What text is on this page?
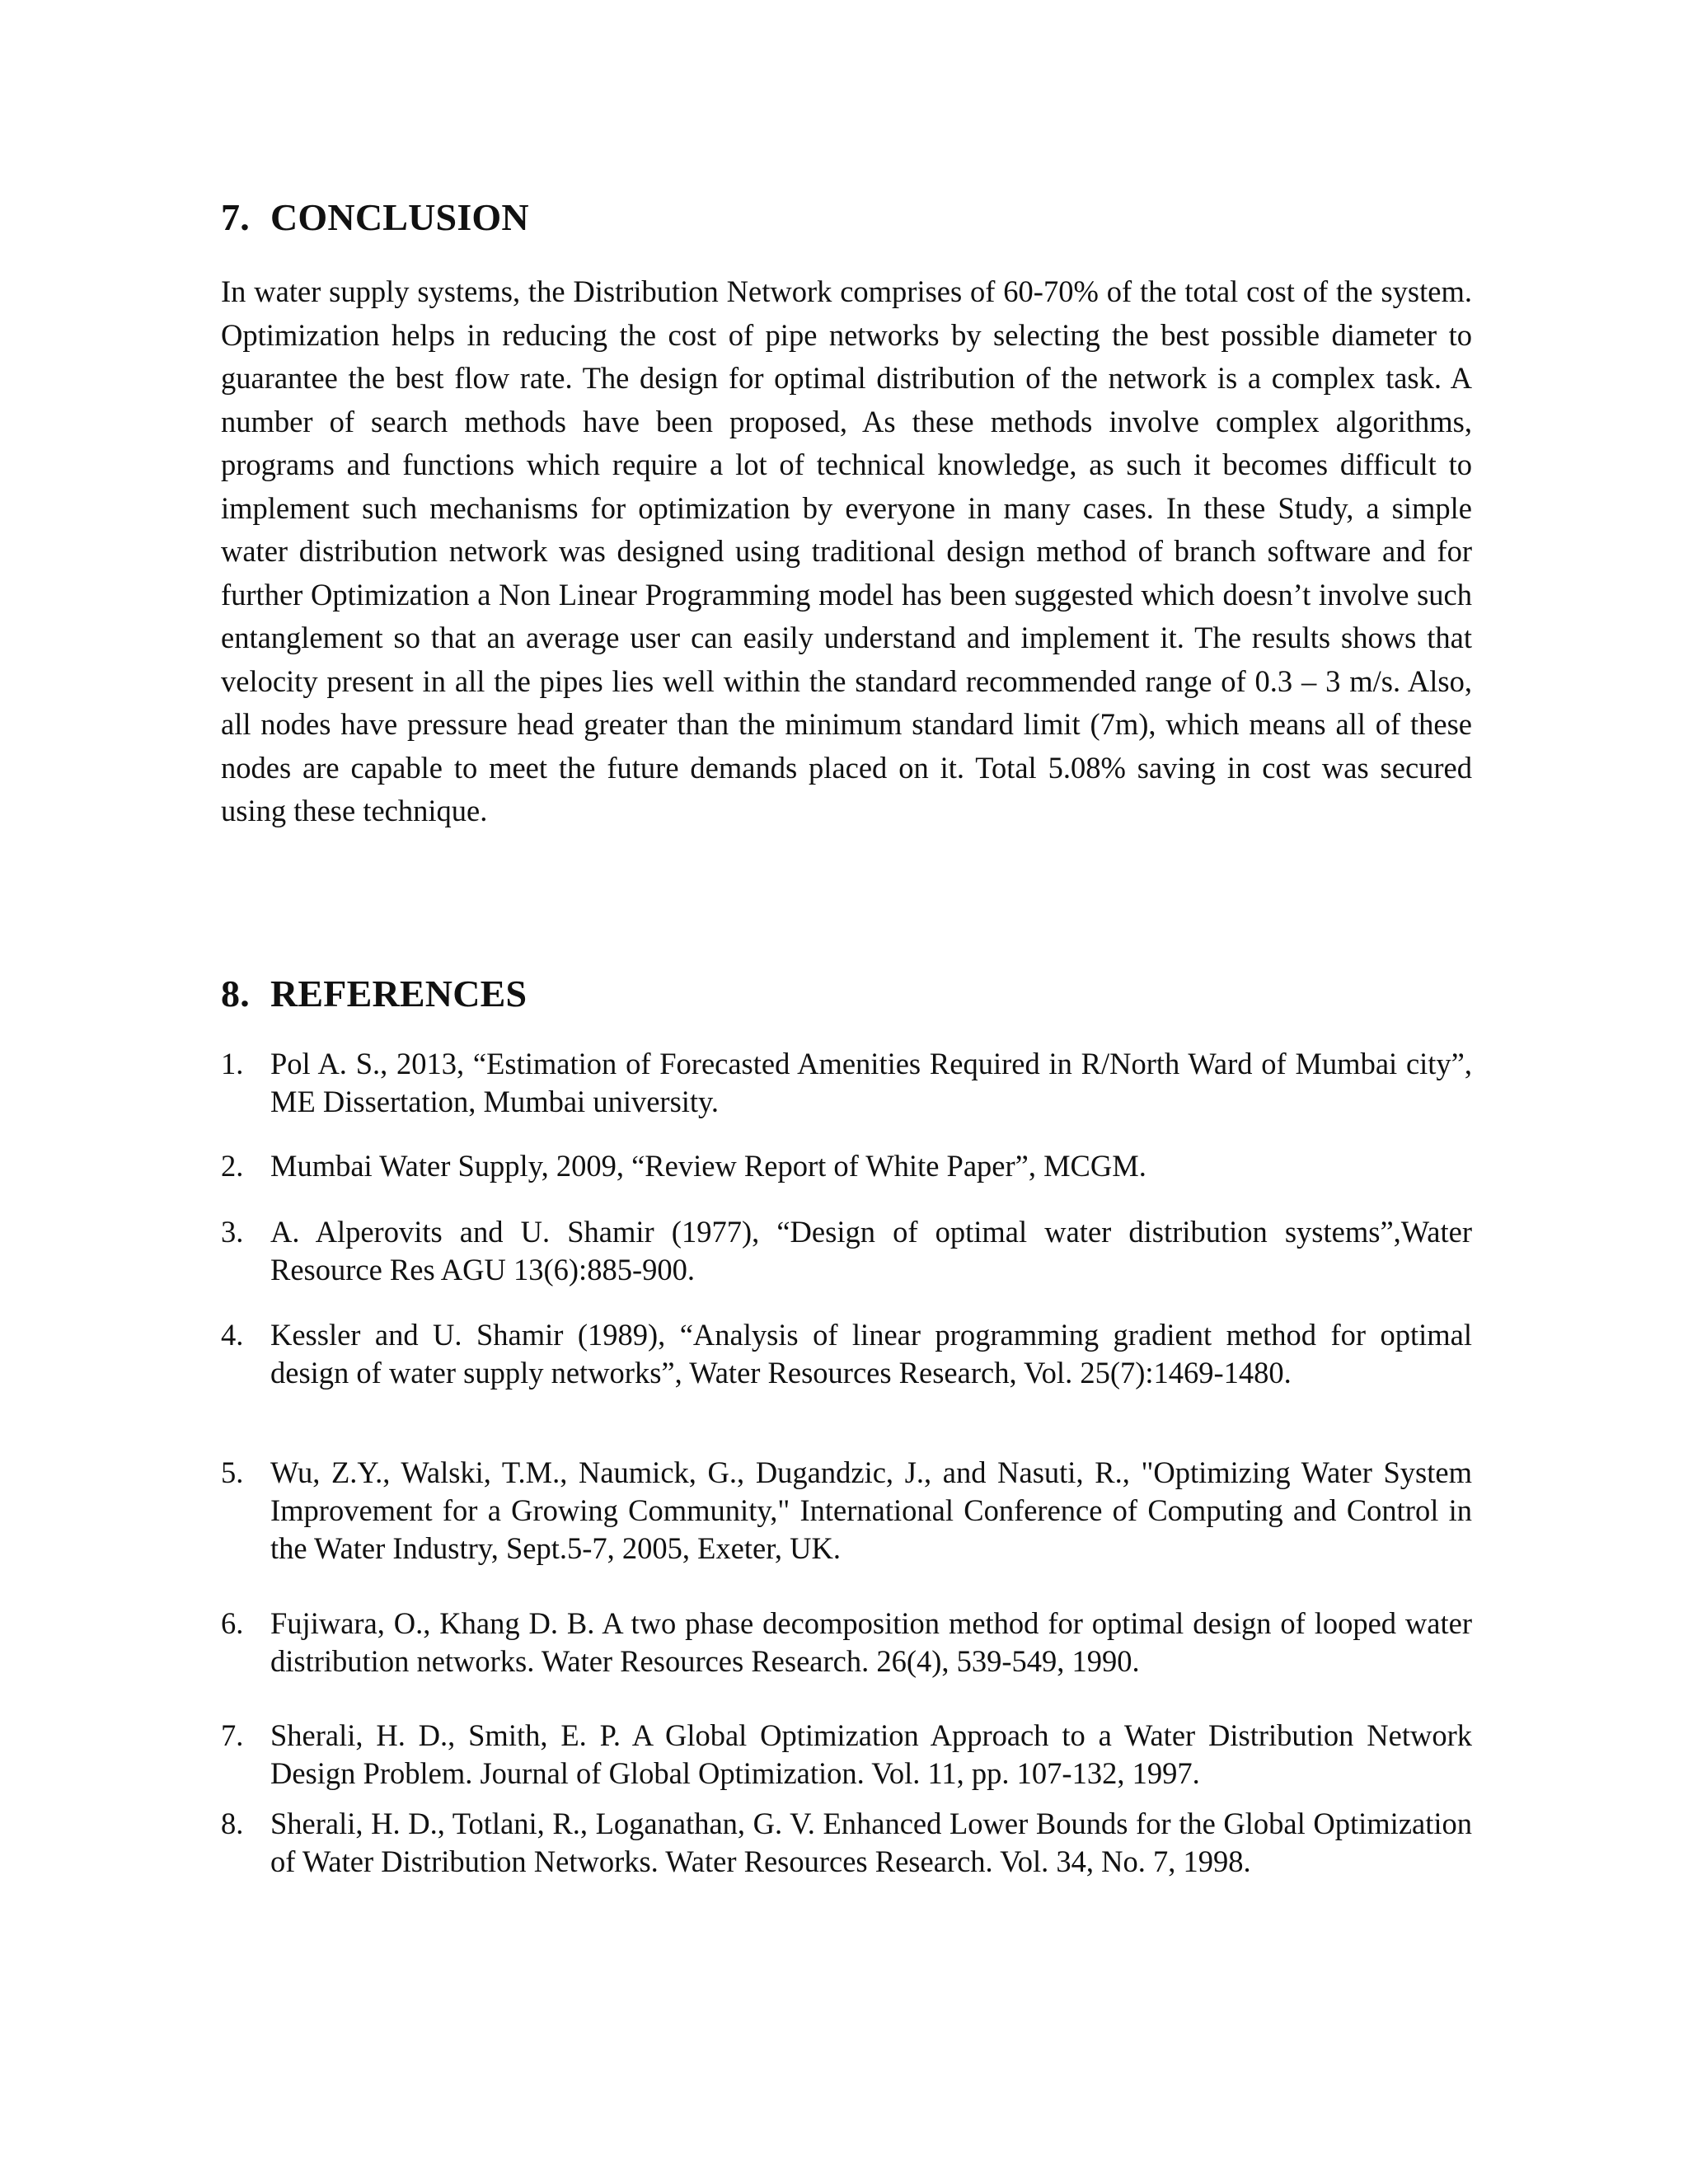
7. CONCLUSION

In water supply systems, the Distribution Network comprises of 60-70% of the total cost of the system. Optimization helps in reducing the cost of pipe networks by selecting the best possible diameter to guarantee the best flow rate. The design for optimal distribution of the network is a complex task. A number of search methods have been proposed, As these methods involve complex algorithms, programs and functions which require a lot of technical knowledge, as such it becomes difficult to implement such mechanisms for optimization by everyone in many cases. In these Study, a simple water distribution network was designed using traditional design method of branch software and for further Optimization a Non Linear Programming model has been suggested which doesn’t involve such entanglement so that an average user can easily understand and implement it. The results shows that velocity present in all the pipes lies well within the standard recommended range of 0.3 – 3 m/s. Also, all nodes have pressure head greater than the minimum standard limit (7m), which means all of these nodes are capable to meet the future demands placed on it. Total 5.08% saving in cost was secured using these technique.

8. REFERENCES
1. Pol A. S., 2013, “Estimation of Forecasted Amenities Required in R/North Ward of Mumbai city”, ME Dissertation, Mumbai university.
2. Mumbai Water Supply, 2009, “Review Report of White Paper”, MCGM.
3. A. Alperovits and U. Shamir (1977), “Design of optimal water distribution systems”,Water Resource Res AGU 13(6):885-900.
4. Kessler and U. Shamir (1989), “Analysis of linear programming gradient method for optimal design of water supply networks”, Water Resources Research, Vol. 25(7):1469-1480.
5. Wu, Z.Y., Walski, T.M., Naumick, G., Dugandzic, J., and Nasuti, R., "Optimizing Water System Improvement for a Growing Community," International Conference of Computing and Control in the Water Industry, Sept.5-7, 2005, Exeter, UK.
6. Fujiwara, O., Khang D. B. A two phase decomposition method for optimal design of looped water distribution networks. Water Resources Research. 26(4), 539-549, 1990.
7. Sherali, H. D., Smith, E. P. A Global Optimization Approach to a Water Distribution Network Design Problem. Journal of Global Optimization. Vol. 11, pp. 107-132, 1997.
8. Sherali, H. D., Totlani, R., Loganathan, G. V. Enhanced Lower Bounds for the Global Optimization of Water Distribution Networks. Water Resources Research. Vol. 34, No. 7, 1998.
